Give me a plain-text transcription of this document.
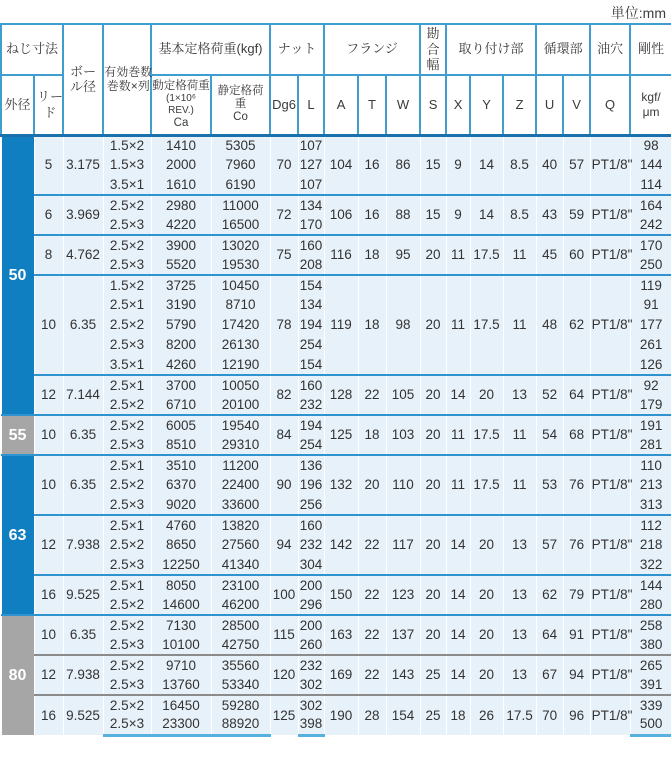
単位:mm
ねじ寸法		ボール径	有効巻数
巻数×列	基本定格荷重(kgf)		ナット		フランジ			勘合幅	取り付け部			循環部		油穴	剛性
外径	リード			動定格荷重
(1×10⁶ REV.)
Ca	静定格荷重
Co	Dg6	L	A	T	W	S	X	Y	Z	U	V	Q	kgf/
μm
50	5	3.175	1.5×2	1410	5305	70	107	104	16	86	15	9	14	8.5	40	57	PT1/8"	98
			1.5×3	2000	7960		127											144
			3.5×1	1610	6190		107											114
	6	3.969	2.5×2	2980	11000	72	134	106	16	88	15	9	14	8.5	43	59	PT1/8"	164
			2.5×3	4220	16500		170											242
	8	4.762	2.5×2	3900	13020	75	160	116	18	95	20	11	17.5	11	45	60	PT1/8"	170
			2.5×3	5520	19530		208											250
	10	6.35	1.5×2	3725	10450	78	154	119	18	98	20	11	17.5	11	48	62	PT1/8"	119
			2.5×1	3190	8710		134											91
			2.5×2	5790	17420		194											177
			2.5×3	8200	26130		254											261
			3.5×1	4260	12190		154											126
	12	7.144	2.5×1	3700	10050	82	160	128	22	105	20	14	20	13	52	64	PT1/8"	92
			2.5×2	6710	20100		232											179
55	10	6.35	2.5×2	6005	19540	84	194	125	18	103	20	11	17.5	11	54	68	PT1/8"	191
			2.5×3	8510	29310		254											281
63	10	6.35	2.5×1	3510	11200	90	136	132	20	110	20	11	17.5	11	53	76	PT1/8"	110
			2.5×2	6370	22400		196											213
			2.5×3	9020	33600		256											313
	12	7.938	2.5×1	4760	13820	94	160	142	22	117	20	14	20	13	57	76	PT1/8"	112
			2.5×2	8650	27560		232											218
			2.5×3	12250	41340		304											322
	16	9.525	2.5×1	8050	23100	100	200	150	22	123	20	14	20	13	62	79	PT1/8"	144
			2.5×2	14600	46200		296											280
80	10	6.35	2.5×2	7130	28500	115	200	163	22	137	20	14	20	13	64	91	PT1/8"	258
			2.5×3	10100	42750		260											380
	12	7.938	2.5×2	9710	35560	120	232	169	22	143	25	14	20	13	67	94	PT1/8"	265
			2.5×3	13760	53340		302											391
	16	9.525	2.5×2	16450	59280	125	302	190	28	154	25	18	26	17.5	70	96	PT1/8"	339
			2.5×3	23300	88920		398											500
